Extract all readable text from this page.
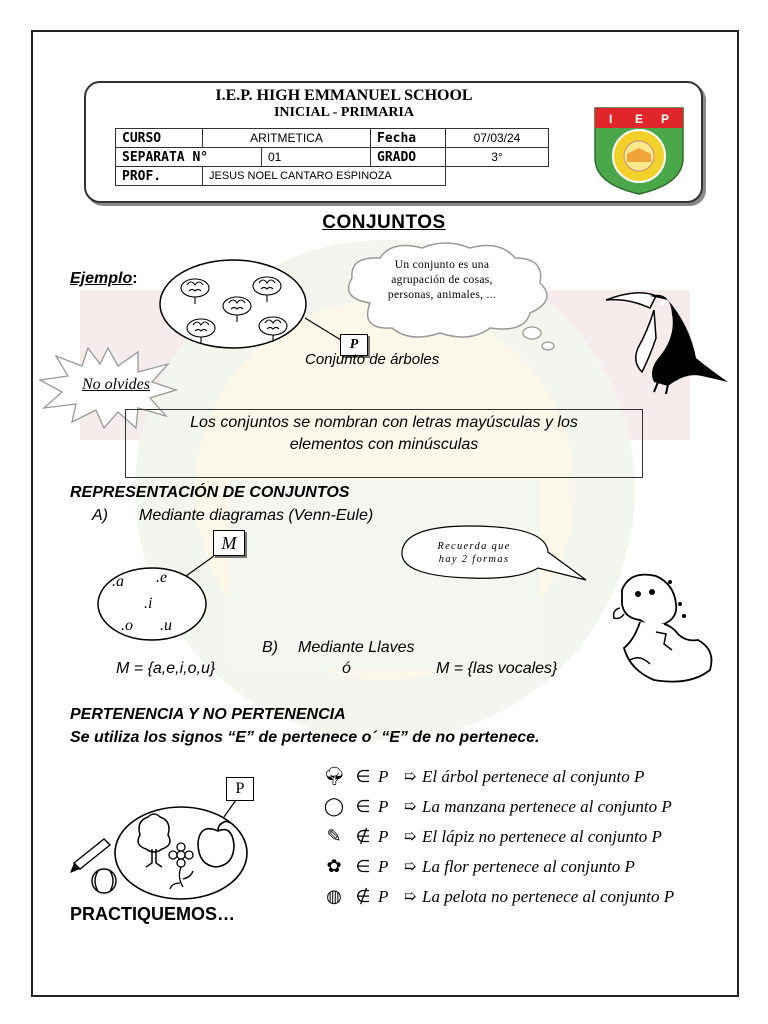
I.E.P. HIGH EMMANUEL SCHOOL
INICIAL - PRIMARIA
CURSO	ARITMETICA		Fecha	07/03/24
SEPARATA N°		01	GRADO	3°
PROF.	JESUS NOEL CANTARO ESPINOZA			
I E P
CONJUNTOS
Ejemplo:
P
Conjunto de árboles
Un conjunto es una
agrupación de cosas,
personas, animales, ...
No olvides
Los conjuntos se nombran con letras mayúsculas y los
elementos con minúsculas
REPRESENTACIÓN DE CONJUNTOS
A) Mediante diagramas (Venn-Eule)
M
.a .e
.i
.o .u
Recuerda que
hay 2 formas
B) Mediante Llaves
M = {a,e,i,o,u}	ó	M = {las vocales}
PERTENENCIA Y NO PERTENENCIA
Se utiliza los signos “E” de pertenece o´ “E” de no pertenece.
P
🌳︎ ∈ P	➯ El árbol pertenece al conjunto P
◯ ∈ P	➯ La manzana pertenece al conjunto P
✎ ∉ P	➯ El lápiz no pertenece al conjunto P
✿ ∈ P	➯ La flor pertenece al conjunto P
◍ ∉ P	➯ La pelota no pertenece al conjunto P
PRACTIQUEMOS…
